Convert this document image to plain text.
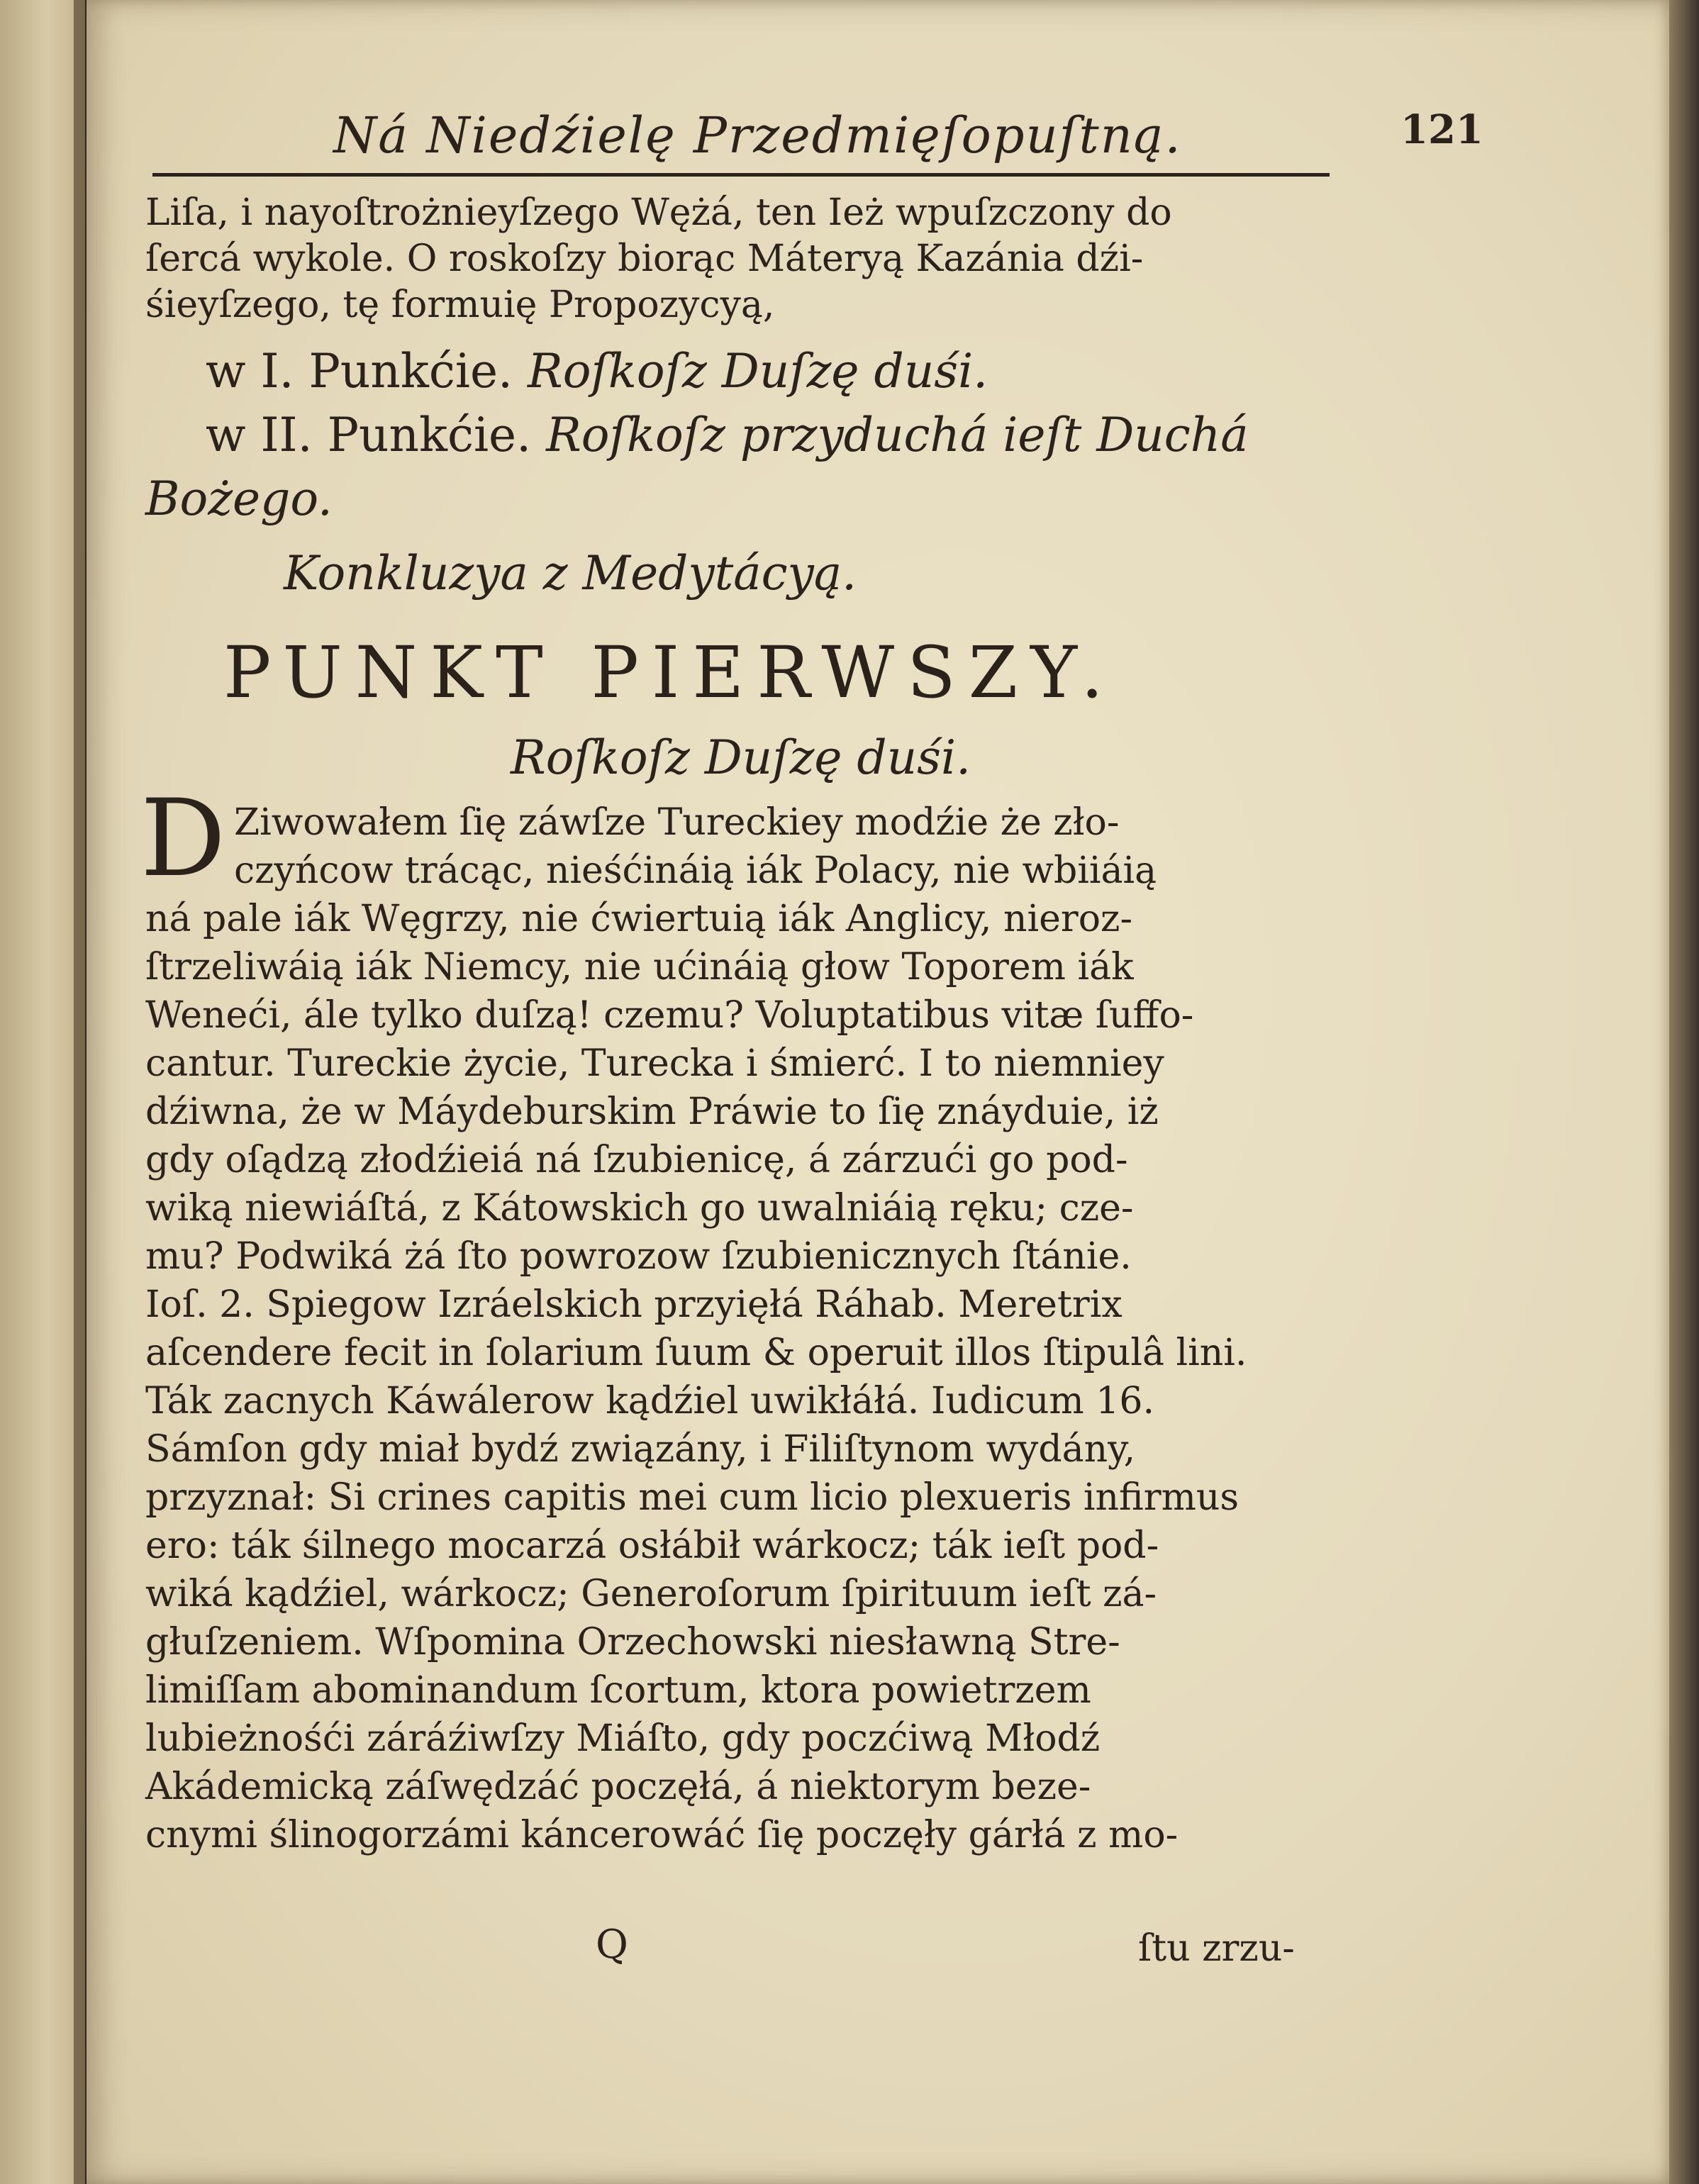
Ná Niedźielę Przedmięſopuſtną.	121
Liſa, i nayoſtrożnieyſzego Wężá, ten Ież wpuſzczony do
ſercá wykole. O roskoſzy biorąc Máteryą Kazánia dźi-
śieyſzego, tę formuię Propozycyą,
w I. Punkćie. Roſkoſz Duſzę duśi.
w II. Punkćie. Roſkoſz przyduchá ieſt Duchá
Bożego.
Konkluzya z Medytácyą.
PUNKT PIERWSZY.
Roſkoſz Duſzę duśi.
D Ziwowałem ſię záwſze Tureckiey modźie że zło-
czyńcow trácąc, nieśćináią iák Polacy, nie wbiiáią
ná pale iák Węgrzy, nie ćwiertuią iák Anglicy, nieroz-
ſtrzeliwáią iák Niemcy, nie ućináią głow Toporem iák
Weneći, ále tylko duſzą! czemu? Voluptatibus vitæ ſuffo-
cantur. Tureckie życie, Turecka i śmierć. I to niemniey
dźiwna, że w Máydeburskim Práwie to ſię znáyduie, iż
gdy oſądzą złodźieiá ná ſzubienicę, á zárzući go pod-
wiką niewiáſtá, z Kátowskich go uwalniáią ręku; cze-
mu? Podwiká żá ſto powrozow ſzubienicznych ſtánie.
Ioſ. 2. Spiegow Izráelskich przyięłá Ráhab. Meretrix
aſcendere fecit in ſolarium ſuum & operuit illos ſtipulâ lini.
Ták zacnych Káwálerow kądźiel uwikłáłá. Iudicum 16.
Sámſon gdy miał bydź związány, i Filiſtynom wydány,
przyznał: Si crines capitis mei cum licio plexueris infirmus
ero: ták śilnego mocarzá osłábił wárkocz; ták ieſt pod-
wiká kądźiel, wárkocz; Generoſorum ſpirituum ieſt zá-
głuſzeniem. Wſpomina Orzechowski niesławną Stre-
limiſſam abominandum ſcortum, ktora powietrzem
lubieżnośći záráźiwſzy Miáſto, gdy poczćiwą Młodź
Akádemicką záſwędzáć poczęłá, á niektorym beze-
cnymi ślinogorzámi káncerowáć ſię poczęły gárłá z mo-
Q	ſtu zrzu-
